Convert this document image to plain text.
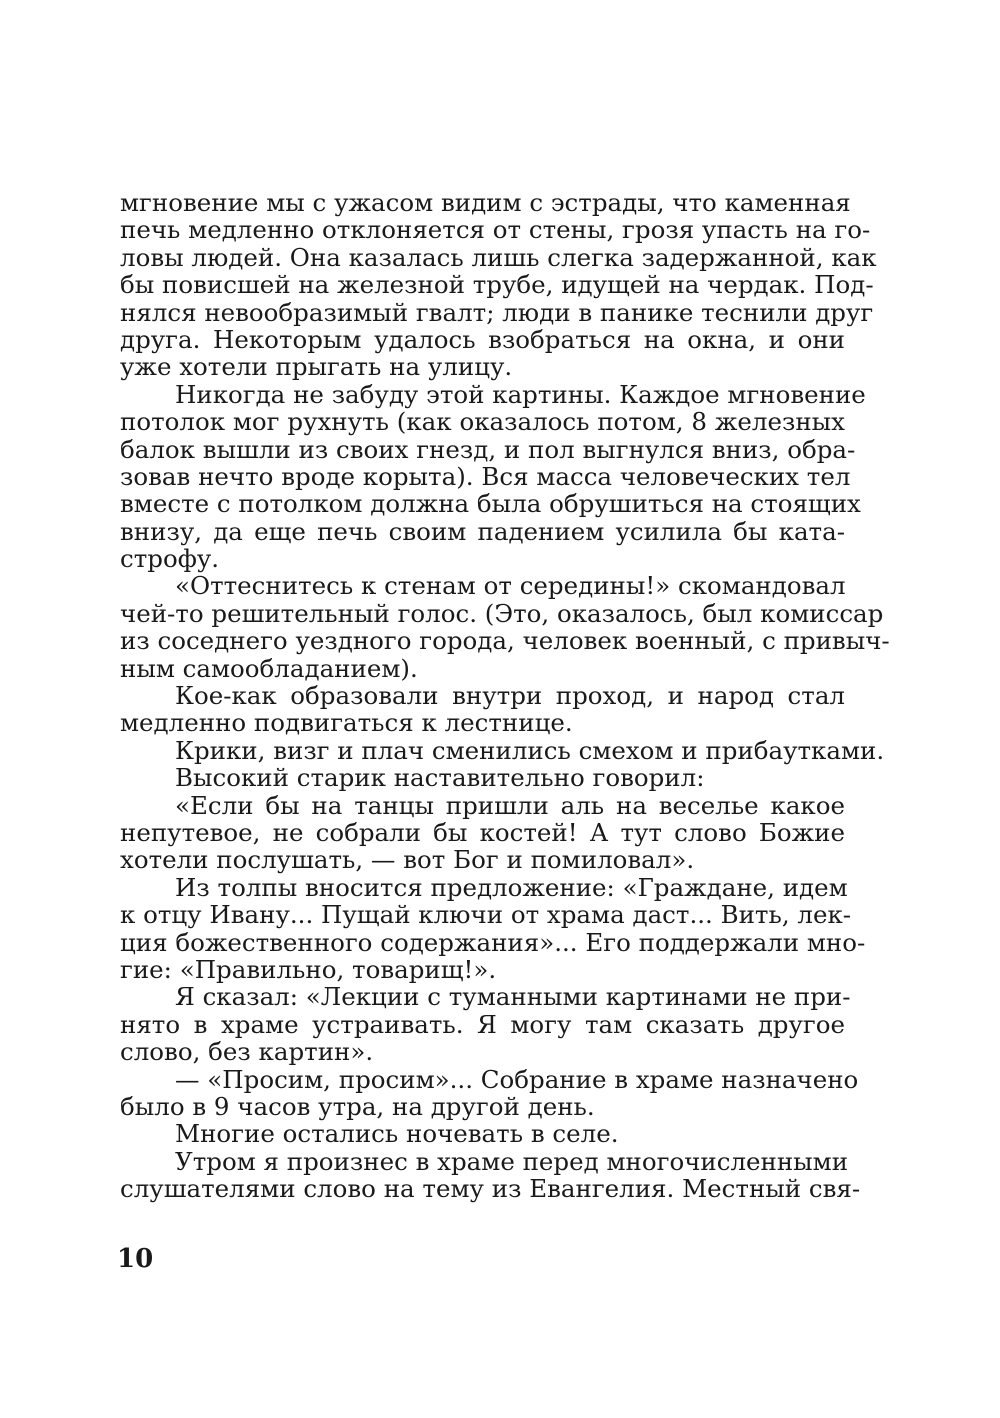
мгновение мы с ужасом видим с эстрады, что каменная
печь медленно отклоняется от стены, грозя упасть на го-
ловы людей. Она казалась лишь слегка задержанной, как
бы повисшей на железной трубе, идущей на чердак. Под-
нялся невообразимый гвалт; люди в панике теснили друг
друга. Некоторым удалось взобраться на окна, и они
уже хотели прыгать на улицу.
Никогда не забуду этой картины. Каждое мгновение
потолок мог рухнуть (как оказалось потом, 8 железных
балок вышли из своих гнезд, и пол выгнулся вниз, обра-
зовав нечто вроде корыта). Вся масса человеческих тел
вместе с потолком должна была обрушиться на стоящих
внизу, да еще печь своим падением усилила бы ката-
строфу.
«Оттеснитесь к стенам от середины!» скомандовал
чей-то решительный голос. (Это, оказалось, был комиссар
из соседнего уездного города, человек военный, с привыч-
ным самообладанием).
Кое-как образовали внутри проход, и народ стал
медленно подвигаться к лестнице.
Крики, визг и плач сменились смехом и прибаутками.
Высокий старик наставительно говорил:
«Если бы на танцы пришли аль на веселье какое
непутевое, не собрали бы костей! А тут слово Божие
хотели послушать, — вот Бог и помиловал».
Из толпы вносится предложение: «Граждане, идем
к отцу Ивану... Пущай ключи от храма даст... Вить, лек-
ция божественного содержания»... Его поддержали мно-
гие: «Правильно, товарищ!».
Я сказал: «Лекции с туманными картинами не при-
нято в храме устраивать. Я могу там сказать другое
слово, без картин».
— «Просим, просим»... Собрание в храме назначено
было в 9 часов утра, на другой день.
Многие остались ночевать в селе.
Утром я произнес в храме перед многочисленными
слушателями слово на тему из Евангелия. Местный свя-
10
